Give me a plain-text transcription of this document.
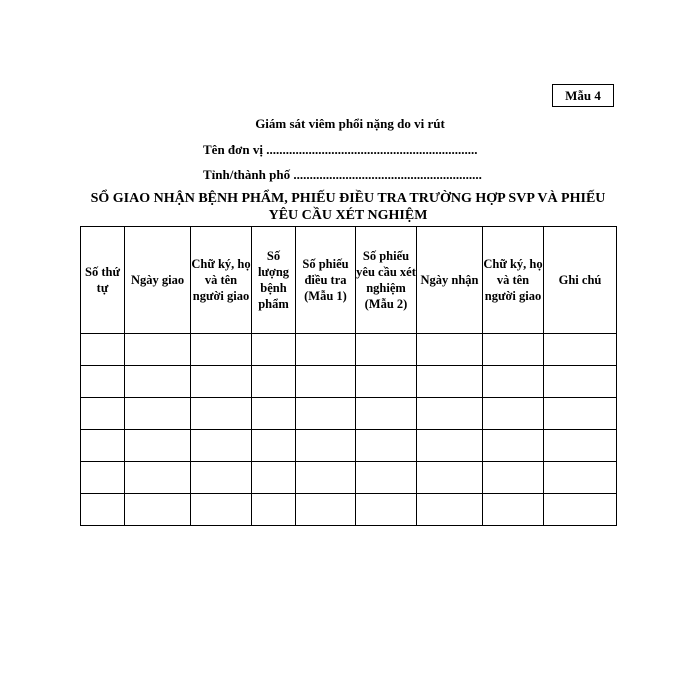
Mẫu 4
Giám sát viêm phổi nặng do vi rút
Tên đơn vị .................................................................
Tỉnh/thành phố ..........................................................
SỔ GIAO NHẬN BỆNH PHẨM, PHIẾU ĐIỀU TRA TRƯỜNG HỢP SVP VÀ PHIẾU YÊU CẦU XÉT NGHIỆM
Số thứ tự	Ngày giao	Chữ ký, họ và tên người giao	Số lượng bệnh phẩm	Số phiếu điều tra (Mẫu 1)	Số phiếu yêu cầu xét nghiệm (Mẫu 2)	Ngày nhận	Chữ ký, họ và tên người giao	Ghi chú
